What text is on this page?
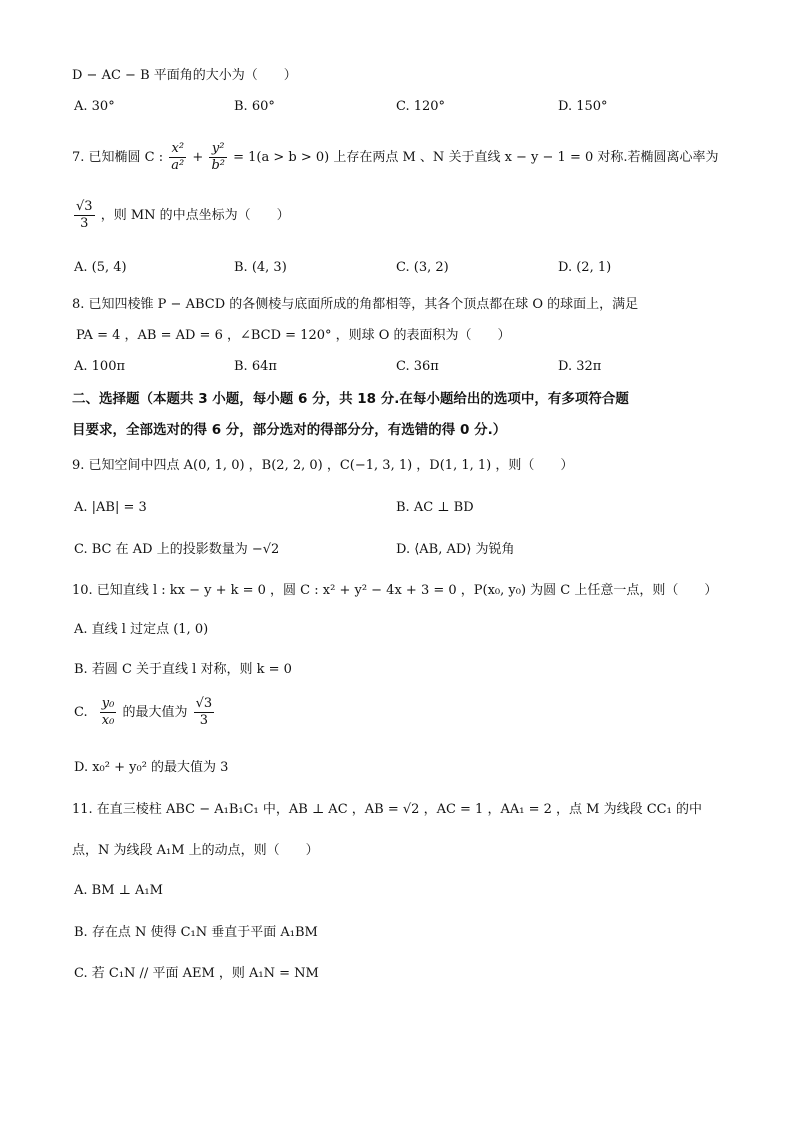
D − AC − B 平面角的大小为（　　）
A. 30°	B. 60°	C. 120°	D. 150°
7. 已知椭圆 C : $\frac{\text{x²}}{\text{a²}} + \frac{\text{y²}}{\text{b²}} = 1(a > b > 0)$ 上存在两点 M 、N 关于直线 x − y − 1 = 0 对称.若椭圆离心率为
$\frac{√3}{3}$ ，则 MN 的中点坐标为（　　）
A. (5, 4)	B. (4, 3)	C. (3, 2)	D. (2, 1)
8. 已知四棱锥 P − ABCD 的各侧棱与底面所成的角都相等，其各个顶点都在球 O 的球面上，满足
PA = 4 ，AB = AD = 6 ，∠BCD = 120° ，则球 O 的表面积为（　　）
A. 100π	B. 64π	C. 36π	D. 32π
二、选择题（本题共 3 小题，每小题 6 分，共 18 分.在每小题给出的选项中，有多项符合题
目要求，全部选对的得 6 分，部分选对的得部分分，有选错的得 0 分.）
9. 已知空间中四点 A(0, 1, 0) ，B(2, 2, 0) ，C(−1, 3, 1) ，D(1, 1, 1) ，则（　　）
A. |AB| = 3	B. AC ⊥ BD
C. BC 在 AD 上的投影数量为 −√2	D. ⟨AB, AD⟩ 为锐角
10. 已知直线 l : kx − y + k = 0 ，圆 C : x² + y² − 4x + 3 = 0 ，P(x₀, y₀) 为圆 C 上任意一点，则（　　）
A. 直线 l 过定点 (1, 0)
B. 若圆 C 关于直线 l 对称，则 k = 0
C. $\frac{\text{y₀}}{\text{x₀}}$ 的最大值为 $\frac{√3}{3}$
D. x₀² + y₀² 的最大值为 3
11. 在直三棱柱 ABC − A₁B₁C₁ 中，AB ⊥ AC ，AB = √2 ，AC = 1 ，AA₁ = 2 ，点 M 为线段 CC₁ 的中
点，N 为线段 A₁M 上的动点，则（　　）
A. BM ⊥ A₁M
B. 存在点 N 使得 C₁N 垂直于平面 A₁BM
C. 若 C₁N // 平面 AEM ，则 A₁N = NM
